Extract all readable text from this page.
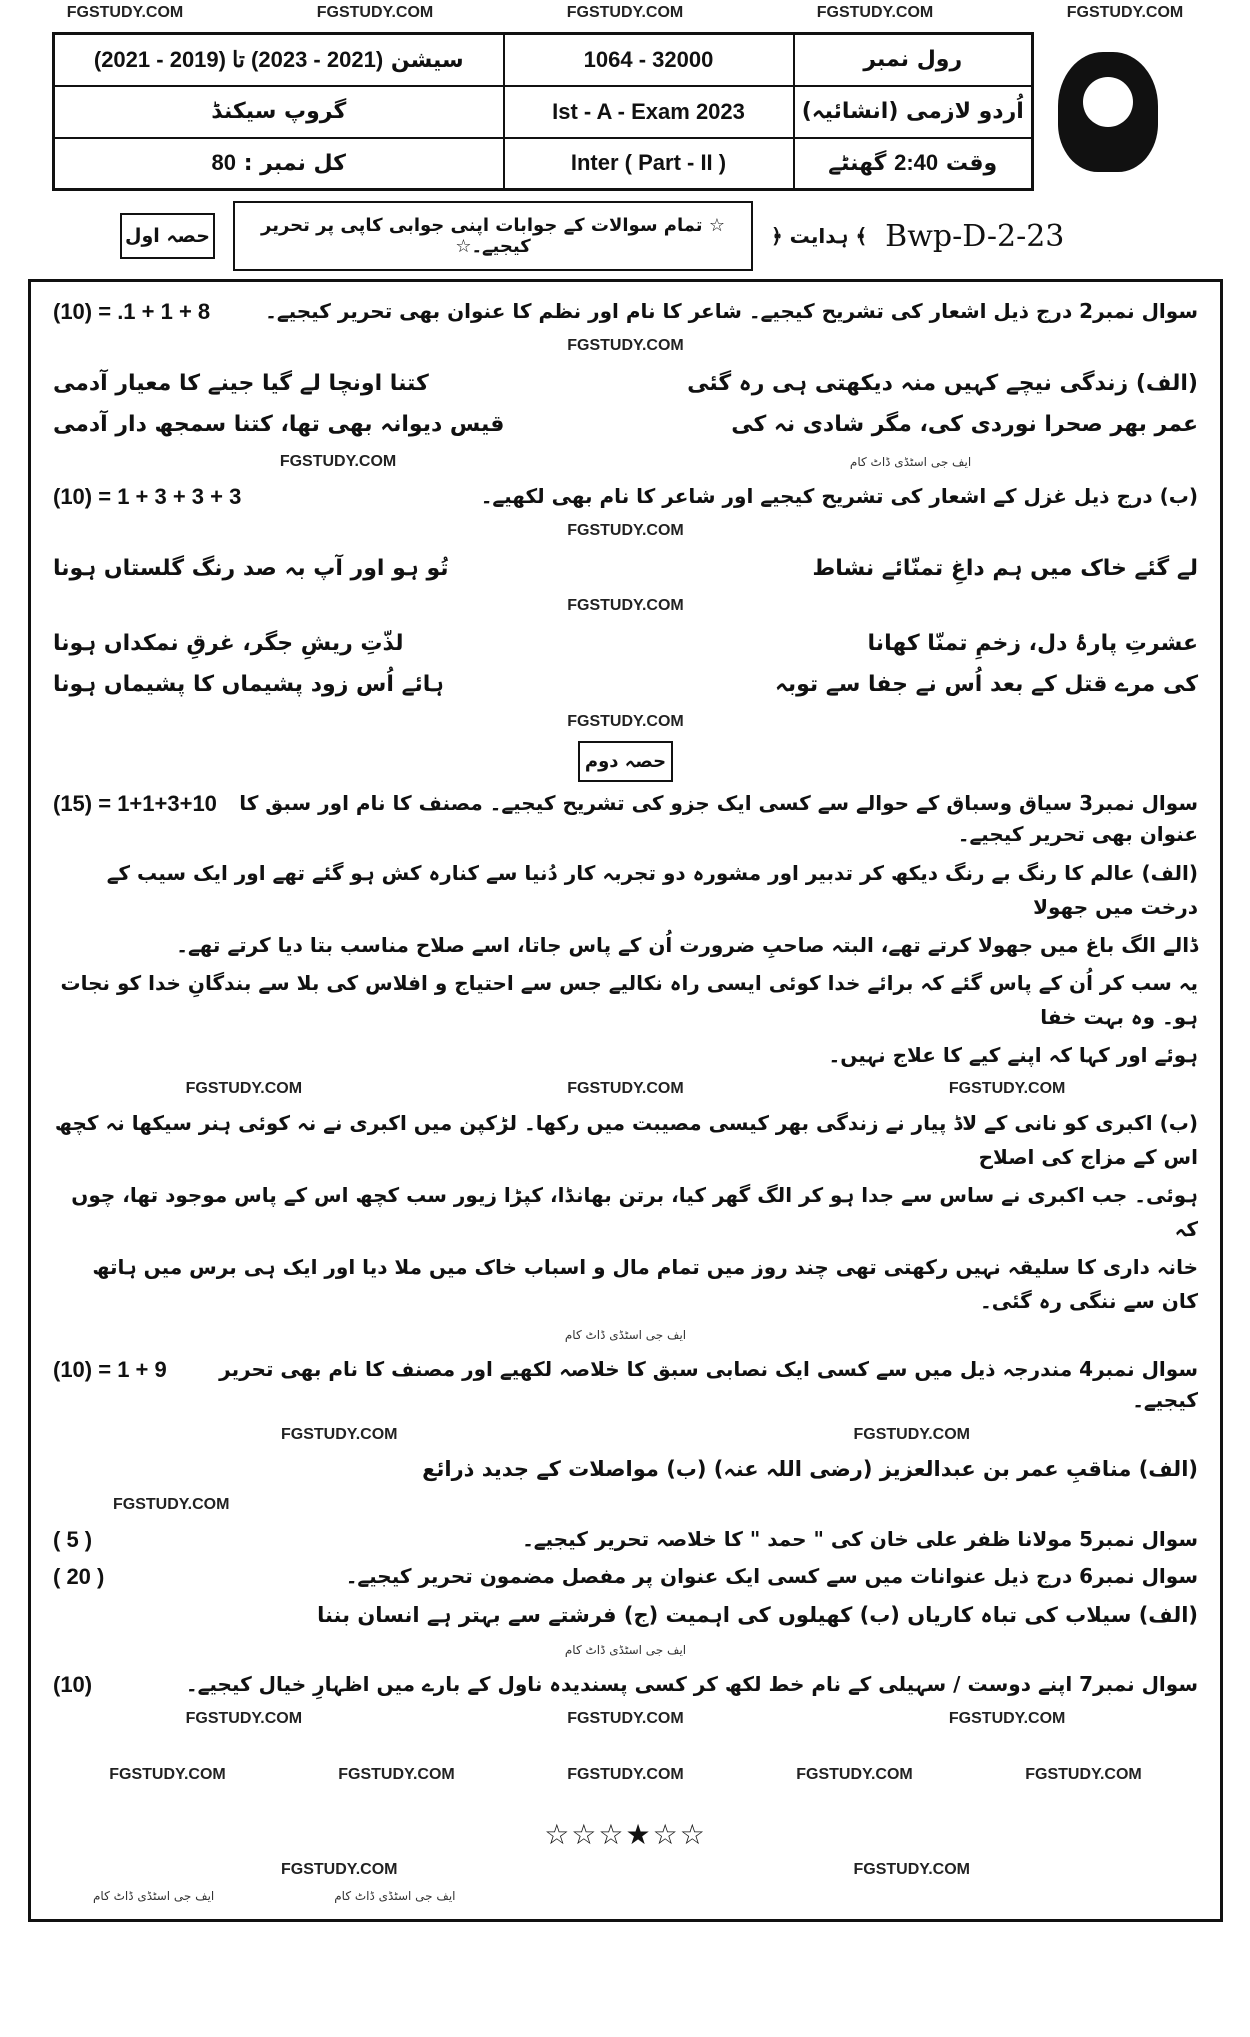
FGSTUDY.COM	FGSTUDY.COM	FGSTUDY.COM	FGSTUDY.COM	FGSTUDY.COM
سیشن (2021 - 2023) تا (2019 - 2021)	1064 - 32000	رول نمبر
گروپ سیکنڈ	Ist - A - Exam 2023	اُردو لازمی (انشائیہ)
کل نمبر : 80	Inter ( Part - II )	وقت 2:40 گھنٹے
حصہ اول	☆ تمام سوالات کے جوابات اپنی جوابی کاپی پر تحریر کیجیے۔☆	﴾ ہدایت ﴿ Bwp-D-2-23
(10) = .1 + 1 + 8	سوال نمبر2 درج ذیل اشعار کی تشریح کیجیے۔ شاعر کا نام اور نظم کا عنوان بھی تحریر کیجیے۔
FGSTUDY.COM
(الف) زندگی نیچے کہیں منہ دیکھتی ہی رہ گئی
کتنا اونچا لے گیا جینے کا معیار آدمی
عمر بھر صحرا نوردی کی، مگر شادی نہ کی
قیس دیوانہ بھی تھا، کتنا سمجھ دار آدمی
FGSTUDY.COM	ایف جی اسٹڈی ڈاٹ کام
(10) = 1 + 3 + 3 + 3	(ب) درج ذیل غزل کے اشعار کی تشریح کیجیے اور شاعر کا نام بھی لکھیے۔
FGSTUDY.COM
لے گئے خاک میں ہم داغِ تمنّائے نشاط
تُو ہو اور آپ بہ صد رنگ گلستاں ہونا
FGSTUDY.COM
عشرتِ پارۂ دل، زخمِ تمنّا کھانا
لذّتِ ریشِ جگر، غرقِ نمکداں ہونا
کی مرے قتل کے بعد اُس نے جفا سے توبہ
ہائے اُس زود پشیماں کا پشیماں ہونا
FGSTUDY.COM
حصہ دوم
(15) = 1+1+3+10 سوال نمبر3 سیاق وسباق کے حوالے سے کسی ایک جزو کی تشریح کیجیے۔ مصنف کا نام اور سبق کا عنوان بھی تحریر کیجیے۔
(الف) عالم کا رنگ بے رنگ دیکھ کر تدبیر اور مشورہ دو تجربہ کار دُنیا سے کنارہ کش ہو گئے تھے اور ایک سیب کے درخت میں جھولا
ڈالے الگ باغ میں جھولا کرتے تھے، البتہ صاحبِ ضرورت اُن کے پاس جاتا، اسے صلاح مناسب بتا دیا کرتے تھے۔
یہ سب کر اُن کے پاس گئے کہ برائے خدا کوئی ایسی راہ نکالیے جس سے احتیاج و افلاس کی بلا سے بندگانِ خدا کو نجات ہو۔ وہ بہت خفا
ہوئے اور کہا کہ اپنے کیے کا علاج نہیں۔
FGSTUDY.COM	FGSTUDY.COM	FGSTUDY.COM
(ب) اکبری کو نانی کے لاڈ پیار نے زندگی بھر کیسی مصیبت میں رکھا۔ لڑکپن میں اکبری نے نہ کوئی ہنر سیکھا نہ کچھ اس کے مزاج کی اصلاح
ہوئی۔ جب اکبری نے ساس سے جدا ہو کر الگ گھر کیا، برتن بھانڈا، کپڑا زیور سب کچھ اس کے پاس موجود تھا، چوں کہ
خانہ داری کا سلیقہ نہیں رکھتی تھی چند روز میں تمام مال و اسباب خاک میں ملا دیا اور ایک ہی برس میں ہاتھ کان سے ننگی رہ گئی۔
ایف جی اسٹڈی ڈاٹ کام
(10) = 1 + 9	سوال نمبر4 مندرجہ ذیل میں سے کسی ایک نصابی سبق کا خلاصہ لکھیے اور مصنف کا نام بھی تحریر کیجیے۔
FGSTUDY.COM	FGSTUDY.COM
(الف) مناقبِ عمر بن عبدالعزیز (رضی اللہ عنہ) (ب) مواصلات کے جدید ذرائع
FGSTUDY.COM
( 5 )	سوال نمبر5 مولانا ظفر علی خان کی " حمد " کا خلاصہ تحریر کیجیے۔
( 20 )	سوال نمبر6 درج ذیل عنوانات میں سے کسی ایک عنوان پر مفصل مضمون تحریر کیجیے۔
(الف) سیلاب کی تباہ کاریاں (ب) کھیلوں کی اہمیت (ج) فرشتے سے بہتر ہے انسان بننا
ایف جی اسٹڈی ڈاٹ کام
(10)	سوال نمبر7 اپنے دوست / سہیلی کے نام خط لکھ کر کسی پسندیدہ ناول کے بارے میں اظہارِ خیال کیجیے۔
FGSTUDY.COM	FGSTUDY.COM	FGSTUDY.COM
FGSTUDY.COM	FGSTUDY.COM	FGSTUDY.COM	FGSTUDY.COM	FGSTUDY.COM
☆☆☆★☆☆
FGSTUDY.COM	FGSTUDY.COM
ایف جی اسٹڈی ڈاٹ کام	ایف جی اسٹڈی ڈاٹ کام
